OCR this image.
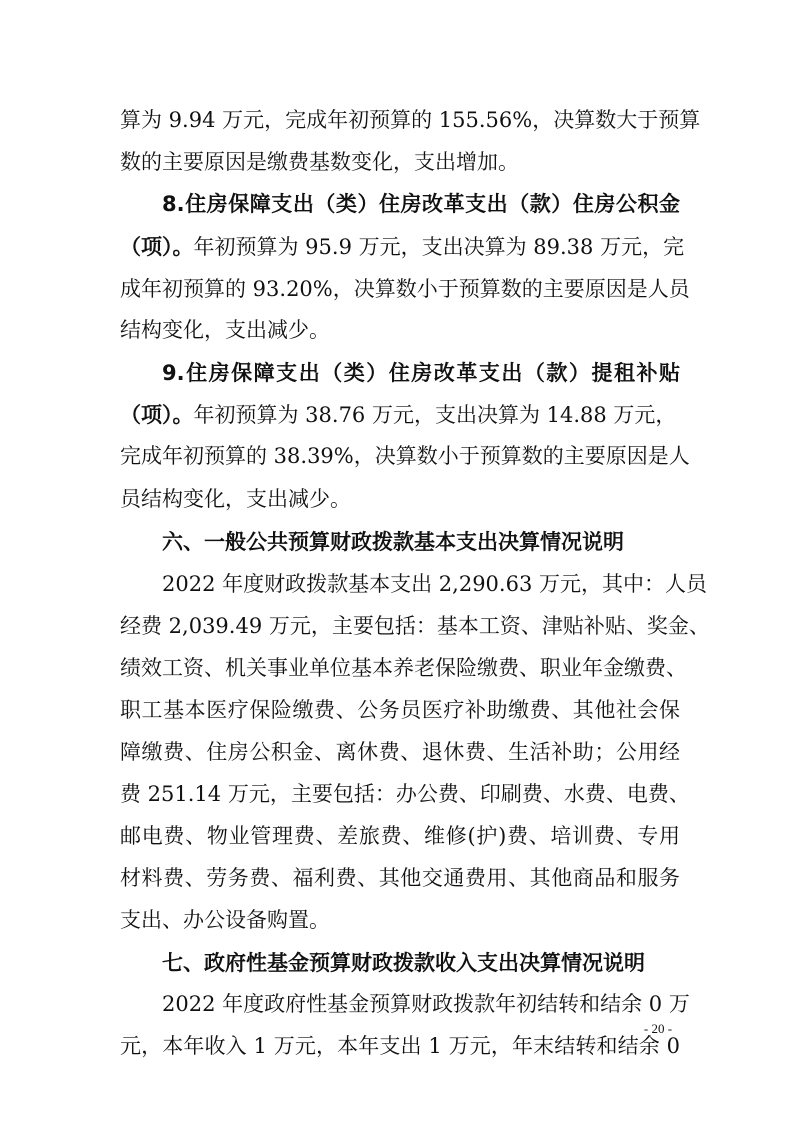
算为 9.94 万元，完成年初预算的 155.56%，决算数大于预算
数的主要原因是缴费基数变化，支出增加。
8.住房保障支出（类）住房改革支出（款）住房公积金
（项）。年初预算为 95.9 万元，支出决算为 89.38 万元，完
成年初预算的 93.20%，决算数小于预算数的主要原因是人员
结构变化，支出减少。
9.住房保障支出（类）住房改革支出（款）提租补贴
（项）。年初预算为 38.76 万元，支出决算为 14.88 万元，
完成年初预算的 38.39%，决算数小于预算数的主要原因是人
员结构变化，支出减少。
六、一般公共预算财政拨款基本支出决算情况说明
2022 年度财政拨款基本支出 2,290.63 万元，其中：人员
经费 2,039.49 万元，主要包括：基本工资、津贴补贴、奖金、
绩效工资、机关事业单位基本养老保险缴费、职业年金缴费、
职工基本医疗保险缴费、公务员医疗补助缴费、其他社会保
障缴费、住房公积金、离休费、退休费、生活补助；公用经
费 251.14 万元，主要包括：办公费、印刷费、水费、电费、
邮电费、物业管理费、差旅费、维修(护)费、培训费、专用
材料费、劳务费、福利费、其他交通费用、其他商品和服务
支出、办公设备购置。
七、政府性基金预算财政拨款收入支出决算情况说明
2022 年度政府性基金预算财政拨款年初结转和结余 0 万
元，本年收入 1 万元，本年支出 1 万元，年末结转和结余 0
- 20 -
